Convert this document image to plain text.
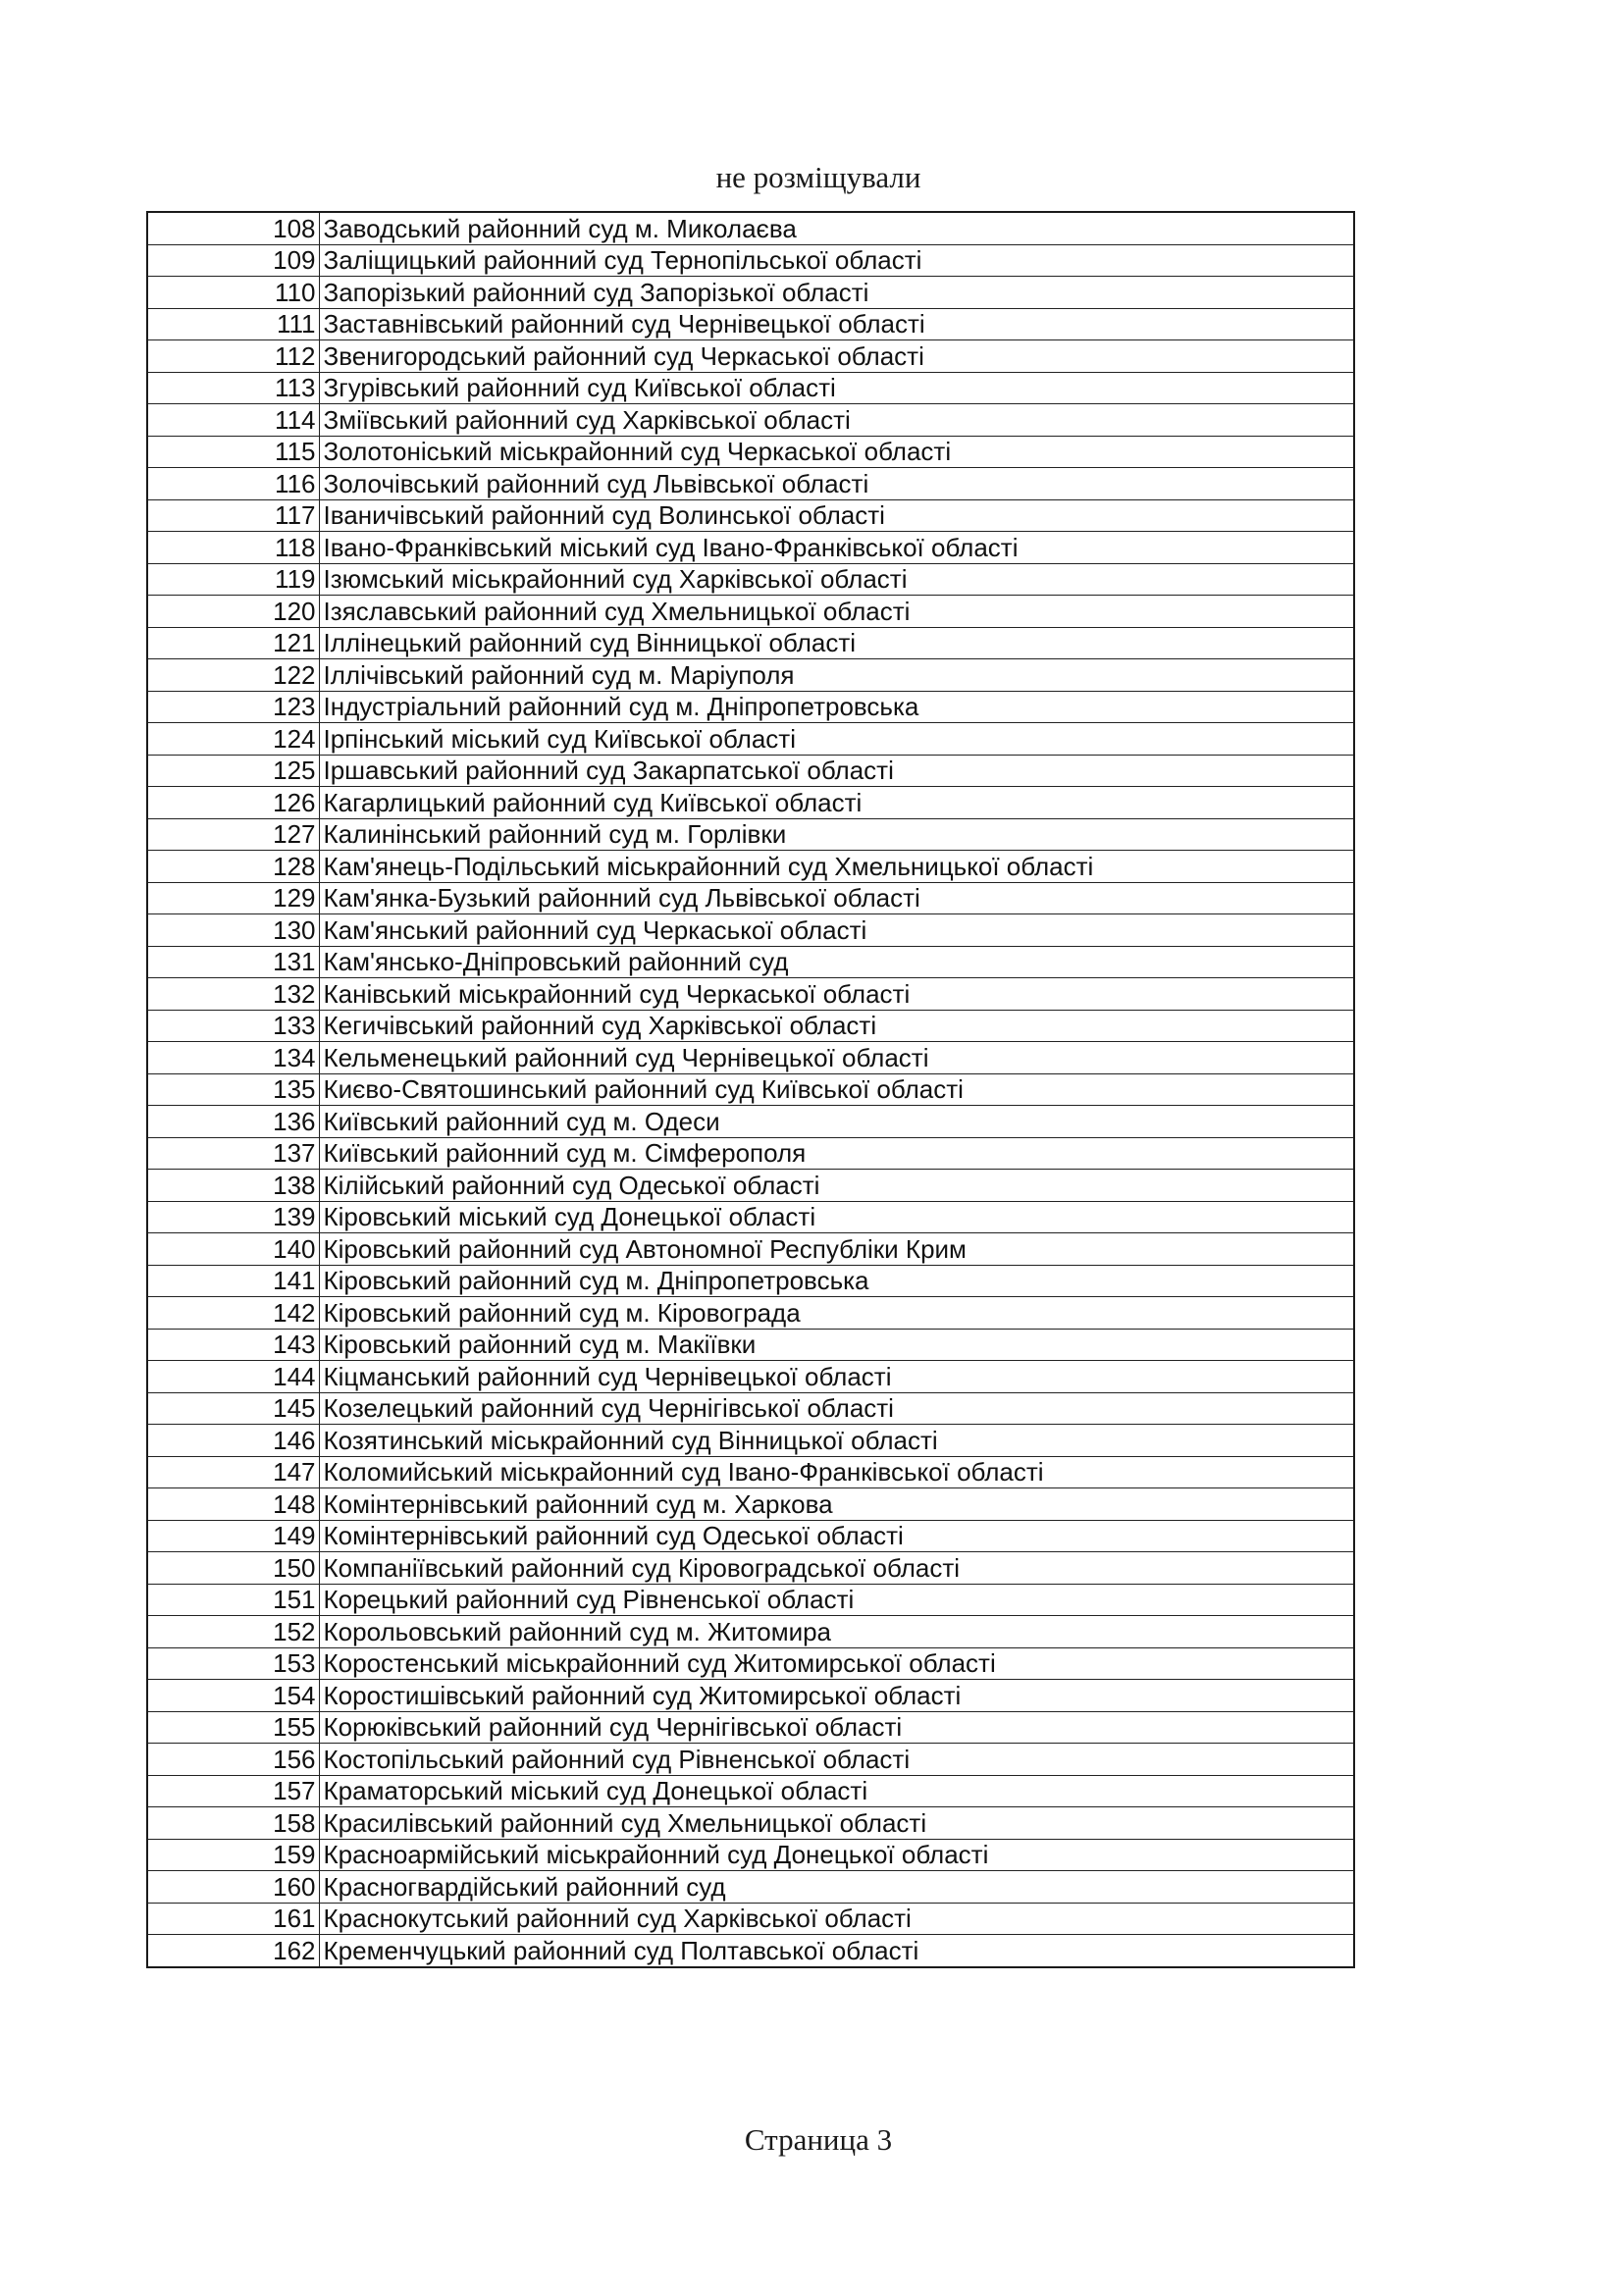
не розміщували
108	Заводський районний суд м. Миколаєва
109	Заліщицький районний суд Тернопільської області
110	Запорізький районний суд Запорізької області
111	Заставнівський районний суд Чернівецької області
112	Звенигородський районний суд Черкаської області
113	Згурівський районний суд Київської області
114	Зміївський районний суд Харківської області
115	Золотоніський міськрайонний суд Черкаської області
116	Золочівський районний суд Львівської області
117	Іваничівський районний суд Волинської області
118	Івано-Франківський міський суд Івано-Франківської області
119	Ізюмський міськрайонний суд Харківської області
120	Ізяславський районний суд Хмельницької області
121	Іллінецький районний суд Вінницької області
122	Іллічівський районний суд м. Маріуполя
123	Індустріальний районний суд м. Дніпропетровська
124	Ірпінський міський суд Київської області
125	Іршавський районний суд Закарпатської області
126	Кагарлицький районний суд Київської області
127	Калинінський районний суд м. Горлівки
128	Кам'янець-Подільський міськрайонний суд Хмельницької області
129	Кам'янка-Бузький районний суд Львівської області
130	Кам'янський районний суд Черкаської області
131	Кам'янсько-Дніпровський районний суд
132	Канівський міськрайонний суд Черкаської області
133	Кегичівський районний суд Харківської області
134	Кельменецький районний суд Чернівецької області
135	Києво-Святошинський районний суд Київської області
136	Київський районний суд м. Одеси
137	Київський районний суд м. Сімферополя
138	Кілійський районний суд Одеської області
139	Кіровський міський суд Донецької області
140	Кіровський районний суд Автономної Республіки Крим
141	Кіровський районний суд м. Дніпропетровська
142	Кіровський районний суд м. Кіровограда
143	Кіровський районний суд м. Макіївки
144	Кіцманський районний суд Чернівецької області
145	Козелецький районний суд Чернігівської області
146	Козятинський міськрайонний суд Вінницької області
147	Коломийський міськрайонний суд Івано-Франківської області
148	Комінтернівський районний суд м. Харкова
149	Комінтернівський районний суд Одеської області
150	Компаніївський районний суд Кіровоградської області
151	Корецький районний суд Рівненської області
152	Корольовський районний суд м. Житомира
153	Коростенський міськрайонний суд Житомирської області
154	Коростишівський районний суд Житомирської області
155	Корюківський районний суд Чернігівської області
156	Костопільський районний суд Рівненської області
157	Краматорський міський суд Донецької області
158	Красилівський районний суд Хмельницької області
159	Красноармійський міськрайонний суд Донецької області
160	Красногвардійський районний суд
161	Краснокутський районний суд Харківської області
162	Кременчуцький районний суд Полтавської області
Страница 3
